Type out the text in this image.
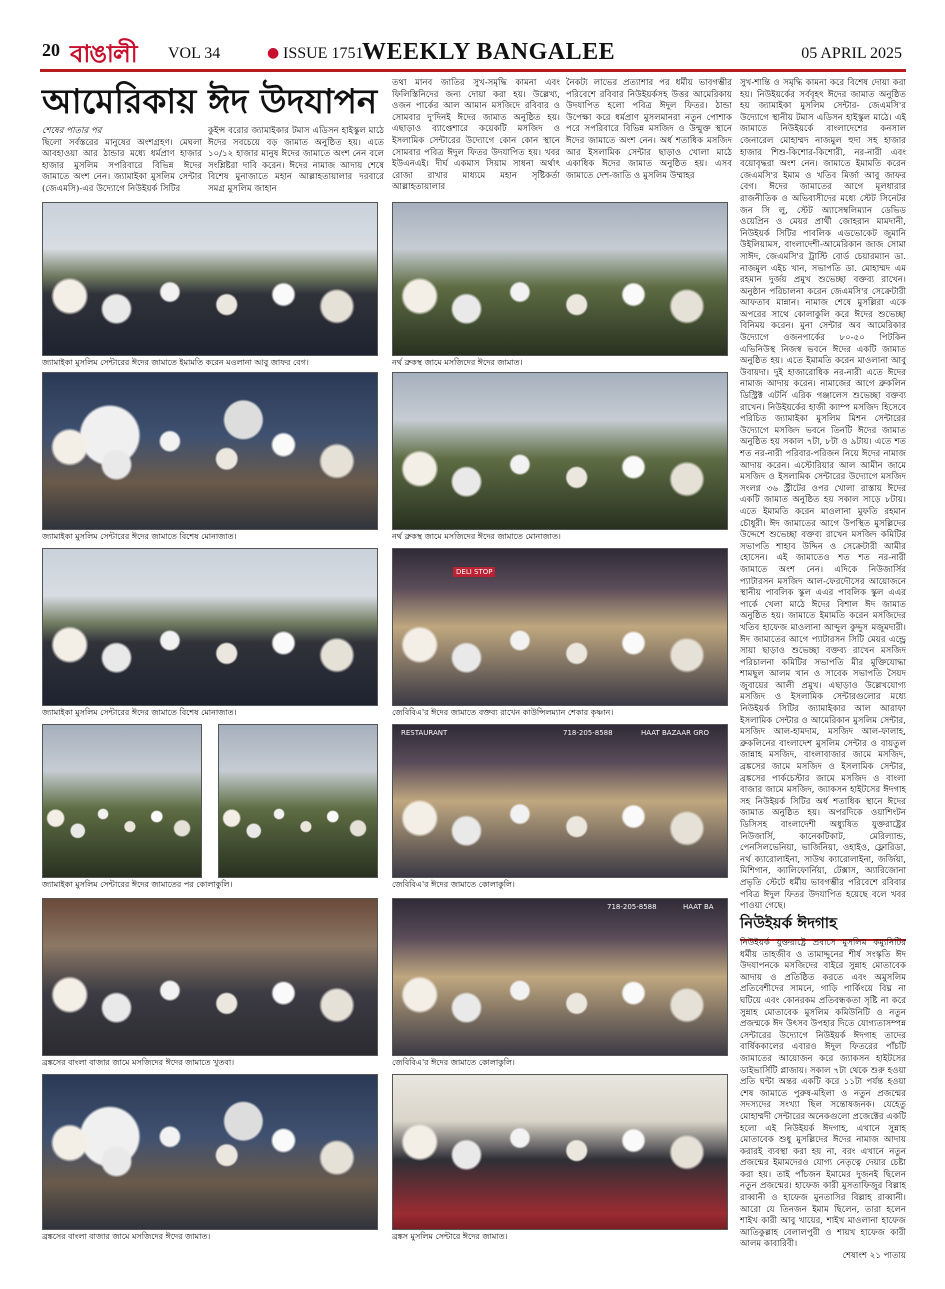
20 বাঙালী VOL 34	● ISSUE 1751
WEEKLY BANGALEE	05 APRIL 2025
আমেরিকায় ঈদ উদযাপন
শেষের পাতার পর
ছিলো সর্বস্তরের মানুষের অংশগ্রহণ। মেঘলা আবহাওয়া আর ঠান্ডার মধ্যে ধর্মপ্রাণ হাজার হাজার মুসলিম সপরিবারে বিভিন্ন ঈদের জামাতে অংশ নেন। জ্যামাইকা মুসলিম সেন্টার (জেএমসি)-এর উদ্যোগে নিউইয়র্ক সিটির
কুইন্স বরোর জ্যামাইকার টমাস এডিসন হাইস্কুল মাঠে ঈদের সবচেয়ে বড় জামাত অনুষ্ঠিত হয়। এতে ১০/১২ হাজার মানুষ ঈদের জামাতে অংশ নেন বলে সংশ্লিষ্টরা দাবি করেন। ঈদের নামাজ আদায় শেষে বিশেষ মুনাজাতে মহান আল্লাহতায়ালার দরবারে সমগ্র মুসলিম জাহান
তথা মানব জাতির সুখ-সমৃদ্ধি কামনা এবং ফিলিস্তিনিদের জন্য দোয়া করা হয়। উল্লেখ্য, ওজন পার্কের আল আমান মসজিদে রবিবার ও সোমবার দু'দিনই ঈদের জামাত অনুষ্ঠিত হয়। এছাড়াও ব্যাপ্তেশারে কয়েকটি মসজিদ ও ইসলামিক সেন্টারের উদ্যোগে কোন কোন স্থানে সোমবার পবিত্র ঈদুল ফিতর উদযাপিত হয়। খবর ইউএনএই। দীর্ঘ একমাস সিয়াম সাধনা অর্থাৎ রোজা রাখার মাধ্যমে মহান সৃষ্টিকর্তা আল্লাহতায়ালার
নৈকট্য লাভের প্রত্যাশার পর ধর্মীয় ভাবগম্ভীর পরিবেশে রবিবার নিউইয়র্কসহ উত্তর আমেরিকায় উদযাপিত হলো পবিত্র ঈদুল ফিতর। ঠান্ডা উপেক্ষা করে ধর্মপ্রাণ মুসলমানরা নতুন পোশাক পরে সপরিবারে বিভিন্ন মসজিদ ও উন্মুক্ত স্থানে ঈদের জামাতে অংশ নেন। অর্ধ শতাধিক মসজিদ আর ইসলামিক সেন্টার ছাড়াও খোলা মাঠে একাধিক ঈদের জামাত অনুষ্ঠিত হয়। এসব জামাতে দেশ-জাতি ও মুসলিম উম্মাহর
সুখ-শান্তি ও সমৃদ্ধি কামনা করে বিশেষ দোয়া করা হয়। নিউইয়র্কের সর্ববৃহৎ ঈদের জামাত অনুষ্ঠিত হয় জ্যামাইকা মুসলিম সেন্টার- জেএমসি'র উদ্যোগে স্থানীয় টমাস এডিসন হাইস্কুল মাঠে। এই জামাতে নিউইয়র্কে বাংলাদেশের কনসাল জেনারেল মোহাম্মদ নাজমুল হুদা সহ হাজার হাজার শিশু-কিশোর-কিশোরী, নর-নারী এবং বয়োবৃদ্ধরা অংশ নেন। জামাতে ইমামতি করেন জেএমসি'র ইমাম ও খতিব মির্জা আবু জাফর বেগ। ঈদের জামাতের আগে মূলধারার রাজনীতিক ও অভিবাসীদের মধ্যে স্টেট সিনেটর জন সি লু, স্টেট অ্যাসেম্বলিম্যান ডেভিড ওয়েপ্রিন ও মেয়র প্রার্থী জোহরান মামদানী, নিউইয়র্ক সিটির পাবলিক এডভোকেট জুমানি উইলিয়ামস, বাংলাদেশী-আমেরিকান জাজ সোমা সাঈদ, জেএমসি'র ট্রাস্টি বোর্ড চেয়ারম্যান ডা. নাজমুল এইচ খান, সভাপতি ডা. মোহাম্মদ এম রহমান দুর্জয় প্রমুখ শুভেচ্ছা বক্তব্য রাখেন। অনুষ্ঠান পরিচালনা করেন জেএমসি'র সেক্রেটারী আফতাব মান্নান। নামাজ শেষে মুসল্লিরা একে অপরের সাথে কোলাকুলি করে ঈদের শুভেচ্ছা বিনিময় করেন। মুনা সেন্টার অব আমেরিকার উদ্যোগে ওজনপার্কের ৮০-৫০ পিটকিন এভিনিউস্থ নিজস্ব ভবনে ঈদের একটি জামাত অনুষ্ঠিত হয়। এতে ইমামতি করেন মাওলানা আবু উবায়দা। দুই হাজারোধিক নর-নারী এতে ঈদের নামাজ আদায় করেন। নামাজের আগে ব্রুকলিন ডিস্ট্রিক্ট এটর্নি এরিক গঞ্জালেস শুভেচ্ছা বক্তব্য রাখেন। নিউইয়র্কের হাজী ক্যাম্প মসজিদ হিসেবে পরিচিত জ্যামাইকা মুসলিম মিশন সেন্টারের উদ্যোগে মসজিদ ভবনে তিনটি ঈদের জামাত অনুষ্ঠিত হয় সকাল ৭টা, ৮টা ও ৯টায়। এতে শত শত নর-নারী পরিবার-পরিজন নিয়ে ঈদের নামাজ আদায় করেন। এস্টোরিয়ার আল আমীন জামে মসজিদ ও ইসলামিক সেন্টারের উদ্যোগে মসজিদ সংলগ্ন ৩৬ স্ট্রীটের ওপর খোলা রাস্তায় ঈদের একটি জামাত অনুষ্ঠিত হয় সকাল সাড়ে ৮টায়। এতে ইমামতি করেন মাওলানা মুফতি রহমান চৌধুরী। ঈদ জামাতের আগে উপস্থিত মুসল্লিদের উদ্দেশে শুভেচ্ছা বক্তব্য রাখেন মসজিদ কমিটির সভাপতি শাহাব উদ্দিন ও সেক্রেটারী আমীর হোসেন। এই জামাতেও শত শত নর-নারী জামাতে অংশ নেন। এদিকে নিউজার্সির প্যাটারসন মসজিদ আল-ফেরদৌসের আয়োজনে স্থানীয় পাবলিক স্কুল এএর পাবলিক স্কুল এএর পার্কে খেলা মাঠে ঈদের বিশাল ঈদ জামাত অনুষ্ঠিত হয়। জামাতে ইমামতি করেন মসজিদের খতিব হাফেজ মাওলানা আব্দুল কুদ্দুস মজুমদারী। ঈদ জামাতের আগে প্যাটারসন সিটি মেয়র এন্ড্রে সায়া ছাড়াও শুভেচ্ছা বক্তব্য রাখেন মসজিদ পরিচালনা কমিটির সভাপতি মীর মুক্তিযোদ্ধা শামছুল আলম খান ও সাবেক সভাপতি সৈয়দ জুবায়ের আলী প্রমুখ। এছাড়াও উল্লেখযোগ্য মসজিদ ও ইসলামিক সেন্টারগুলোর মধ্যে নিউইয়র্ক সিটির জ্যামাইকার আল আরাফা ইসলামিক সেন্টার ও আমেরিকান মুসলিম সেন্টার, মসজিদ আল-হামদাম, মসজিদ আল-ফালাহ, ব্রুকলিনের বাংলাদেশ মুসলিম সেন্টার ও বায়তুল জান্নাহ মসজিদ, বাংলাবাজার জামে মসজিদ, ব্রঙ্কসের জামে মসজিদ ও ইসলামিক সেন্টার, ব্রঙ্কসের পার্কচেস্টার জামে মসজিদ ও বাংলা বাজার জামে মসজিদ, জ্যাকসন হাইটসের ঈদগাহ সহ নিউইয়র্ক সিটির অর্ধ শতাধিক স্থানে ঈদের জামাত অনুষ্ঠিত হয়। অপরদিকে ওয়াশিংটন ডিসিসহ বাংলাদেশী অধ্যুষিত যুক্তরাষ্ট্রের নিউজার্সি, কানেকটিকাট, মেরিল্যান্ড, পেনসিলভেনিয়া, ভার্জিনিয়া, ওহাইও, ফ্লোরিডা, নর্থ ক্যারোলাইনা, সাউথ ক্যারোলাইনা, জর্জিয়া, মিশিগান, ক্যালিফোর্নিয়া, টেক্সাস, অ্যারিজোনা প্রভৃতি স্টেটে ধর্মীয় ভাবগম্ভীর পরিবেশে রবিবার পবিত্র ঈদুল ফিতর উদযাপিত হয়েছে বলে খবর পাওয়া গেছে।
নিউইয়র্ক ঈদগাহ
নিউইয়র্ক যুক্তরাষ্ট্রে প্রবাসে মুসলিম কম্যুনিটির ধর্মীয় তাহজীব ও তামাদ্দুনের শীর্ষ সংস্কৃতি ঈদ উদযাপনকে মসজিদের বাইরে সুন্নাহ মোতাবেক আদায় ও প্রতিষ্ঠিত করতে এবং অমুসলিম প্রতিবেশীদের সামনে, গাড়ি পার্কিংয়ে বিঘ্ন না ঘটিয়ে এবং কোনরকম প্রতিবন্ধকতা সৃষ্টি না করে সুন্নাহ মোতাবেক মুসলিম কমিউনিটি ও নতুন প্রজন্মকে ঈদ উৎসব উপহার দিতে যোগ্যতাসম্পন্ন সেন্টারের উদ্যোগে নিউইয়র্ক ঈদগাহ তাদের বার্ষিককালের এবারও ঈদুল ফিতরের পাঁচটি জামাতের আয়োজন করে জ্যাকসন হাইটসের ডাইভার্সিটি প্লাজায়। সকাল ৭টা থেকে শুরু হওয়া প্রতি ঘন্টা অন্তর একটি করে ১১টা পর্যন্ত হওয়া শেষ জামাতে পুরুষ-মহিলা ও নতুন প্রজন্মের সদস্যদের সংখ্যা ছিল সন্তোষজনক। যেহেতু মোহাম্মদী সেন্টারের অনেকগুলো প্রজেক্টের একটি হলো এই নিউইয়র্ক ঈদগাহ, এখানে সুন্নাহ মোতাবেক শুধু মুসল্লিদের ঈদের নামাজ আদায় করারই ব্যবস্থা করা হয় না, বরং এখানে নতুন প্রজন্মের ইমামদেরও যোগ্য নেতৃত্বে দেয়ার চেষ্টা করা হয়। তাই পাঁচজন ইমামের দুজনই ছিলেন নতুন প্রজন্মের। হাফেজ কারী মুসতাফিজুর বিল্লাহ রাব্বানী ও হাফেজ মুনতাসির বিল্লাহ রাব্বানী। আরো যে তিনজন ইমাম ছিলেন, তারা হলেন শাইখ কারী আবু খায়ের, শাইখ মাওলানা হাফেজ আতিকুল্লাহ বেলালপুরী ও শায়খ হাফেজ কারী আলম কাবারিবী।

শেষাংশ ২১ পাতায়
জ্যামাইকা মুসলিম সেন্টারের ঈদের জামাতে ইমামতি করেন মওলানা আবু জাফর বেগ।
জ্যামাইকা মুসলিম সেন্টারের ঈদের জামাতে বিশেষ মোনাজাত।
জ্যামাইকা মুসলিম সেন্টারের ঈদের জামাতে বিশেষ মোনাজাত।
জ্যামাইকা মুসলিম সেন্টারের ঈদের জামাতের পর কোলাকুলি।
ব্রঙ্কসের বাংলা বাজার জামে মসজিদের ঈদের জামাতে খুতবা।
ব্রঙ্কসের বাংলা বাজার জামে মসজিদের ঈদের জামাত।
নর্থ ব্রুকস্থ জামে মসজিদের ঈদের জামাত।
নর্থ ব্রুকস্থ জামে মসজিদের ঈদের জামাতে মোনাজাত।
DELI STOP
জেবিবিএ'র ঈদের জামাতে বক্তব্য রাখেন কাউন্সিলম্যান শেকার কৃষ্ণান।
RESTAURANT	718-205-8588	HAAT BAZAAR GRO
জেবিবিএ'র ঈদের জামাতে কোলাকুলি।
718-205-8588	HAAT BA
জেবিবিএ'র ঈদের জামাতে কোলাকুলি।
ব্রঙ্কস মুসলিম সেন্টারে ঈদের জামাত।
